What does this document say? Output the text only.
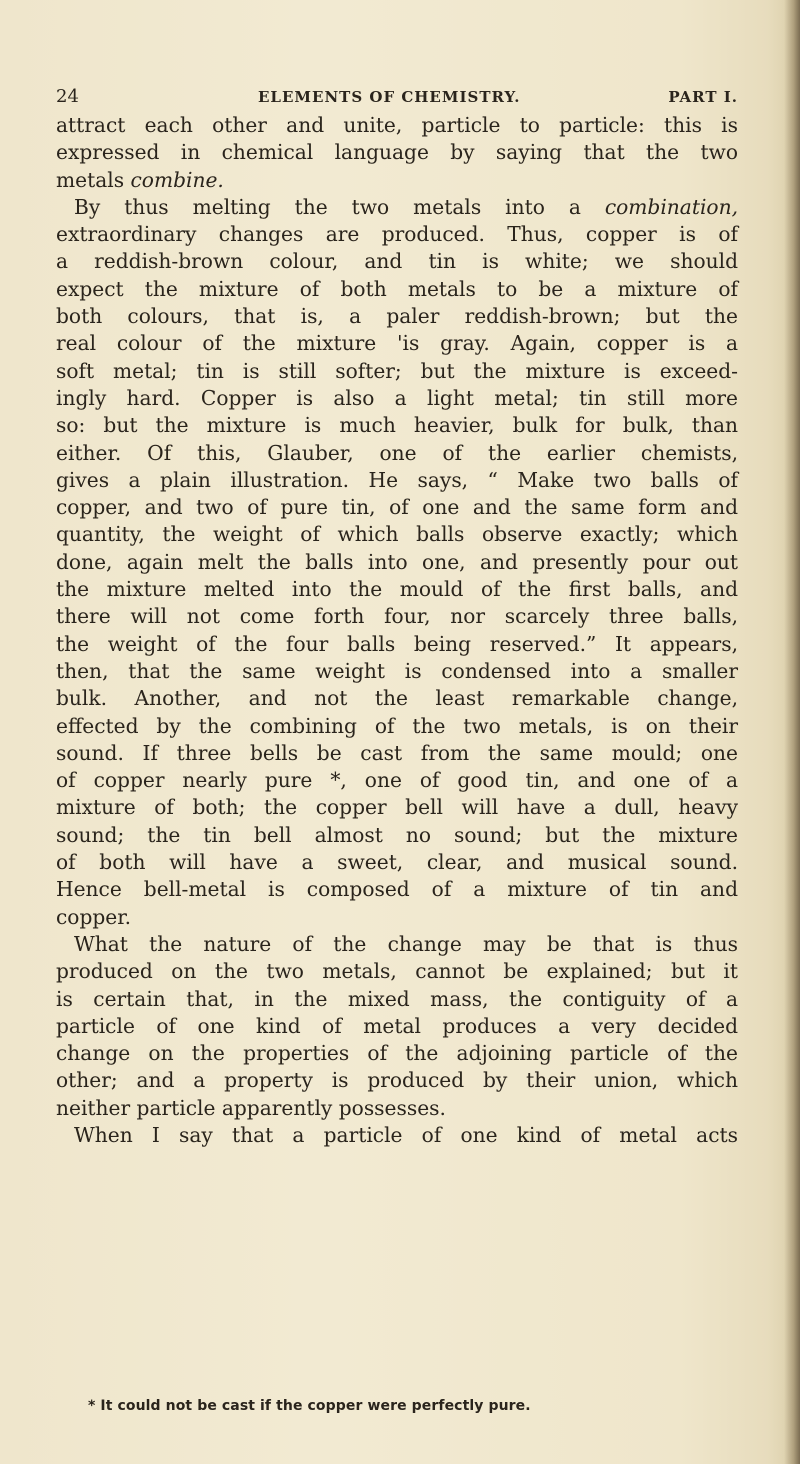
24	ELEMENTS OF CHEMISTRY.	PART I.
attract each other and unite, particle to particle: this is
expressed in chemical language by saying that the two
metals combine.
By thus melting the two metals into a combination,
extraordinary changes are produced. Thus, copper is of
a reddish-brown colour, and tin is white; we should
expect the mixture of both metals to be a mixture of
both colours, that is, a paler reddish-brown; but the
real colour of the mixture 'is gray. Again, copper is a
soft metal; tin is still softer; but the mixture is exceed-
ingly hard. Copper is also a light metal; tin still more
so: but the mixture is much heavier, bulk for bulk, than
either. Of this, Glauber, one of the earlier chemists,
gives a plain illustration. He says, “ Make two balls of
copper, and two of pure tin, of one and the same form and
quantity, the weight of which balls observe exactly; which
done, again melt the balls into one, and presently pour out
the mixture melted into the mould of the first balls, and
there will not come forth four, nor scarcely three balls,
the weight of the four balls being reserved.” It appears,
then, that the same weight is condensed into a smaller
bulk. Another, and not the least remarkable change,
effected by the combining of the two metals, is on their
sound. If three bells be cast from the same mould; one
of copper nearly pure *, one of good tin, and one of a
mixture of both; the copper bell will have a dull, heavy
sound; the tin bell almost no sound; but the mixture
of both will have a sweet, clear, and musical sound.
Hence bell-metal is composed of a mixture of tin and
copper.
What the nature of the change may be that is thus
produced on the two metals, cannot be explained; but it
is certain that, in the mixed mass, the contiguity of a
particle of one kind of metal produces a very decided
change on the properties of the adjoining particle of the
other; and a property is produced by their union, which
neither particle apparently possesses.
When I say that a particle of one kind of metal acts
* It could not be cast if the copper were perfectly pure.
